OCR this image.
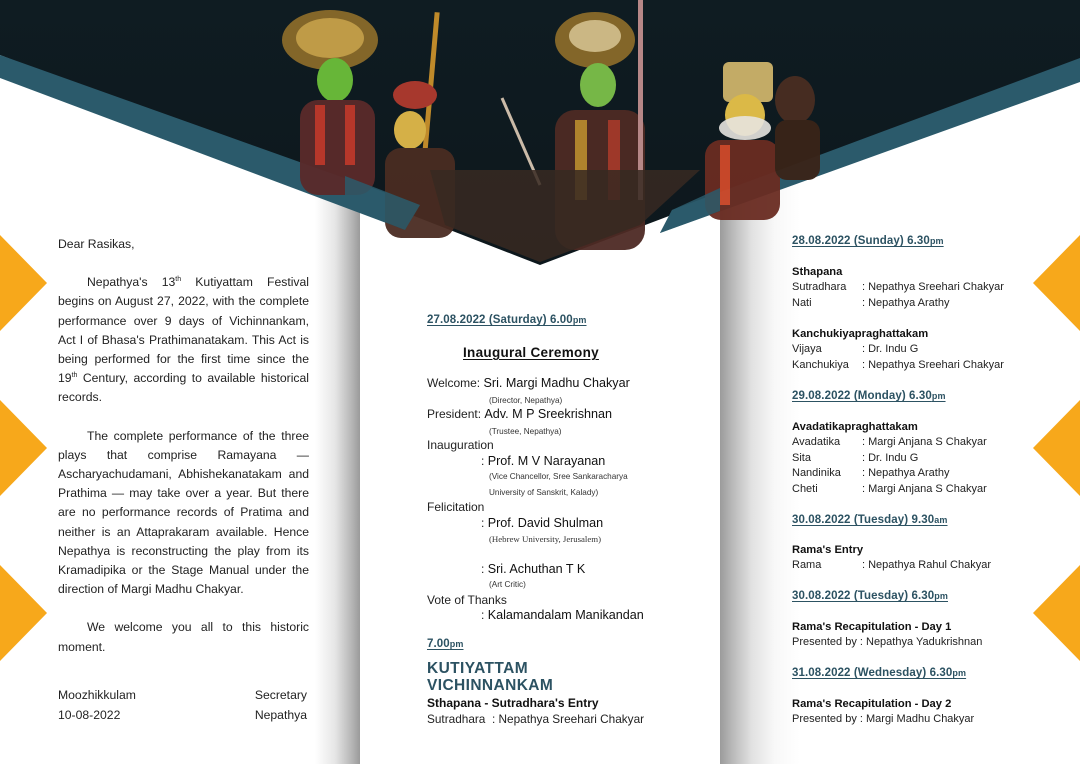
Dear Rasikas,

Nepathya's 13th Kutiyattam Festival begins on August 27, 2022, with the complete performance over 9 days of Vichinnankam, Act I of Bhasa's Prathimanatakam. This Act is being performed for the first time since the 19th Century, according to available historical records.

The complete performance of the three plays that comprise Ramayana — Ascharyachudamani, Abhishekanatakam and Prathima — may take over a year. But there are no performance records of Pratima and neither is an Attaprakaram available. Hence Nepathya is reconstructing the play from its Kramadipika or the Stage Manual under the direction of Margi Madhu Chakyar.

We welcome you all to this historic moment.

Moozhikkulam
10-08-2022
Secretary
Nepathya
27.08.2022 (Saturday) 6.00pm
Inaugural Ceremony
Welcome: Sri. Margi Madhu Chakyar
(Director, Nepathya)
President: Adv. M P Sreekrishnan
(Trustee, Nepathya)
Inauguration
: Prof. M V Narayanan
(Vice Chancellor, Sree Sankaracharya
University of Sanskrit, Kalady)
Felicitation
: Prof. David Shulman
(Hebrew University, Jerusalem)
: Sri. Achuthan T K
(Art Critic)
Vote of Thanks
: Kalamandalam Manikandan
7.00pm
KUTIYATTAM
VICHINNANKAM
Sthapana - Sutradhara's Entry
Sutradhara : Nepathya Sreehari Chakyar
28.08.2022 (Sunday) 6.30pm
Sthapana
Sutradhara : Nepathya Sreehari Chakyar
Nati	: Nepathya Arathy
Kanchukiyapraghattakam
Vijaya	: Dr. Indu G
Kanchukiya : Nepathya Sreehari Chakyar
29.08.2022 (Monday) 6.30pm
Avadatikapraghattakam
Avadatika : Margi Anjana S Chakyar
Sita	: Dr. Indu G
Nandinika : Nepathya Arathy
Cheti	: Margi Anjana S Chakyar
30.08.2022 (Tuesday) 9.30am
Rama's Entry
Rama	: Nepathya Rahul Chakyar
30.08.2022 (Tuesday) 6.30pm
Rama's Recapitulation - Day 1
Presented by : Nepathya Yadukrishnan
31.08.2022 (Wednesday) 6.30pm
Rama's Recapitulation - Day 2
Presented by : Margi Madhu Chakyar
